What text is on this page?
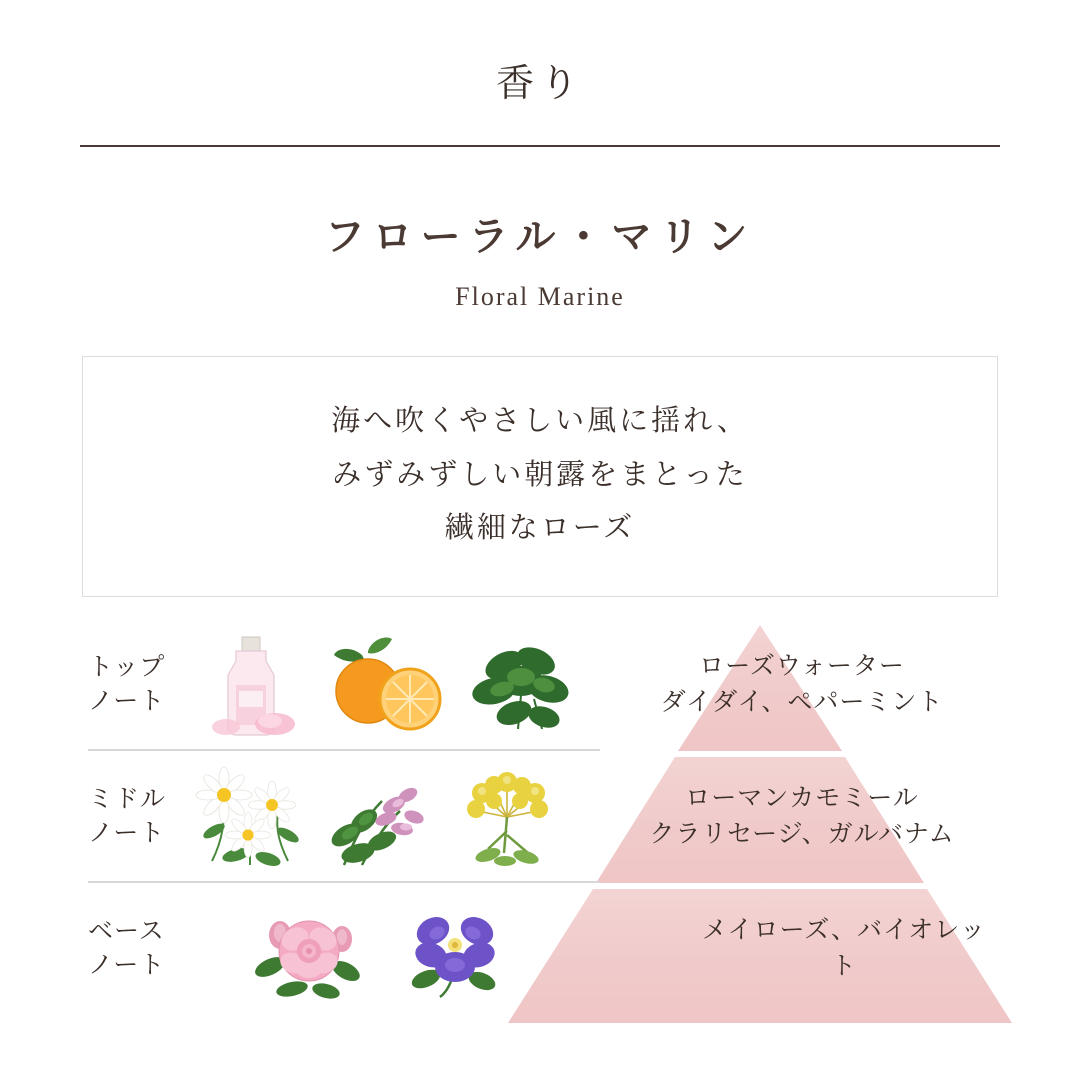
香り
フローラル・マリン
Floral Marine
海へ吹くやさしい風に揺れ、
みずみずしい朝露をまとった
繊細なローズ
トップ ノート
ローズウォーター
ダイダイ、ペパーミント
ミドル ノート
ローマンカモミール
クラリセージ、ガルバナム
ベース ノート
メイローズ、バイオレット
